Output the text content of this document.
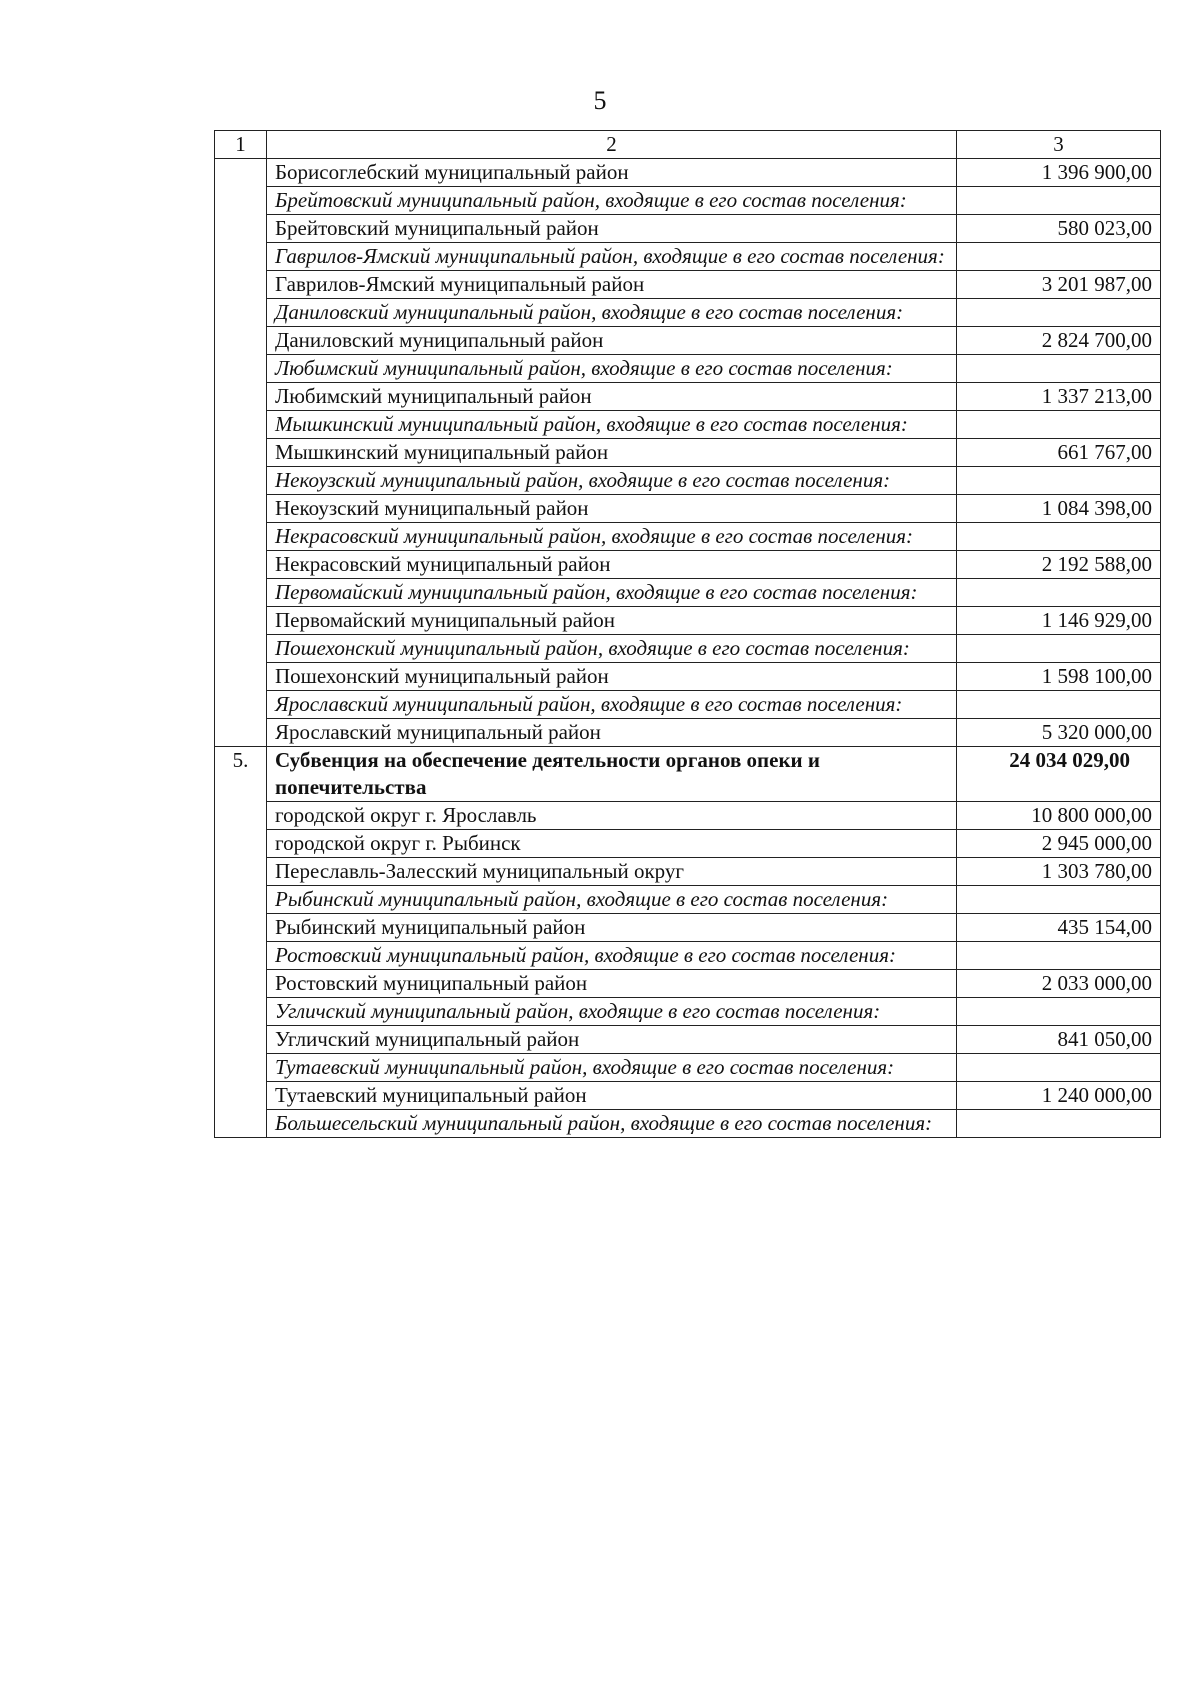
5
1	2	3
	Борисоглебский муниципальный район	1 396 900,00
	Брейтовский муниципальный район, входящие в его состав поселения:	
	Брейтовский муниципальный район	580 023,00
	Гаврилов-Ямский муниципальный район, входящие в его состав поселения:	
	Гаврилов-Ямский муниципальный район	3 201 987,00
	Даниловский муниципальный район, входящие в его состав поселения:	
	Даниловский муниципальный район	2 824 700,00
	Любимский муниципальный район, входящие в его состав поселения:	
	Любимский муниципальный район	1 337 213,00
	Мышкинский муниципальный район, входящие в его состав поселения:	
	Мышкинский муниципальный район	661 767,00
	Некоузский муниципальный район, входящие в его состав поселения:	
	Некоузский муниципальный район	1 084 398,00
	Некрасовский муниципальный район, входящие в его состав поселения:	
	Некрасовский муниципальный район	2 192 588,00
	Первомайский муниципальный район, входящие в его состав поселения:	
	Первомайский муниципальный район	1 146 929,00
	Пошехонский муниципальный район, входящие в его состав поселения:	
	Пошехонский муниципальный район	1 598 100,00
	Ярославский муниципальный район, входящие в его состав поселения:	
	Ярославский муниципальный район	5 320 000,00
5.	Субвенция на обеспечение деятельности органов опеки и попечительства	24 034 029,00
	городской округ г. Ярославль	10 800 000,00
	городской округ г. Рыбинск	2 945 000,00
	Переславль-Залесский муниципальный округ	1 303 780,00
	Рыбинский муниципальный район, входящие в его состав поселения:	
	Рыбинский муниципальный район	435 154,00
	Ростовский муниципальный район, входящие в его состав поселения:	
	Ростовский муниципальный район	2 033 000,00
	Угличский муниципальный район, входящие в его состав поселения:	
	Угличский муниципальный район	841 050,00
	Тутаевский муниципальный район, входящие в его состав поселения:	
	Тутаевский муниципальный район	1 240 000,00
	Большесельский муниципальный район, входящие в его состав поселения:	
